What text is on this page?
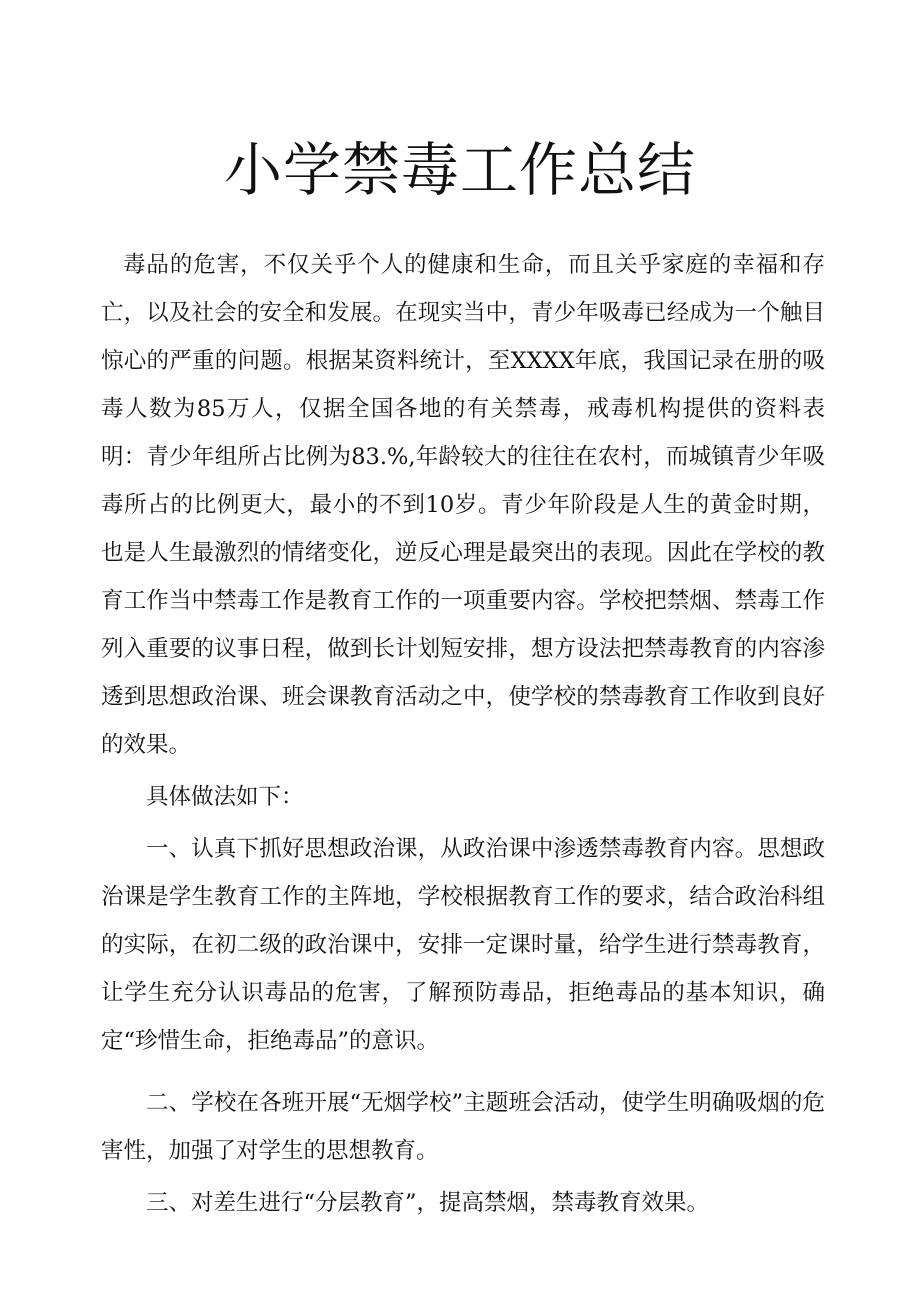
小学禁毒工作总结

毒品的危害，不仅关乎个人的健康和生命，而且关乎家庭的幸福和存亡，以及社会的安全和发展。在现实当中，青少年吸毒已经成为一个触目惊心的严重的问题。根据某资料统计，至XXXX年底，我国记录在册的吸毒人数为85万人，仅据全国各地的有关禁毒，戒毒机构提供的资料表明：青少年组所占比例为83.%,年龄较大的往往在农村，而城镇青少年吸毒所占的比例更大，最小的不到10岁。青少年阶段是人生的黄金时期，也是人生最激烈的情绪变化，逆反心理是最突出的表现。因此在学校的教育工作当中禁毒工作是教育工作的一项重要内容。学校把禁烟、禁毒工作列入重要的议事日程，做到长计划短安排，想方设法把禁毒教育的内容渗透到思想政治课、班会课教育活动之中，使学校的禁毒教育工作收到良好的效果。

具体做法如下：

一、认真下抓好思想政治课，从政治课中渗透禁毒教育内容。思想政治课是学生教育工作的主阵地，学校根据教育工作的要求，结合政治科组的实际，在初二级的政治课中，安排一定课时量，给学生进行禁毒教育，让学生充分认识毒品的危害，了解预防毒品，拒绝毒品的基本知识，确定“珍惜生命，拒绝毒品”的意识。

二、学校在各班开展“无烟学校”主题班会活动，使学生明确吸烟的危害性，加强了对学生的思想教育。

三、对差生进行“分层教育”，提高禁烟，禁毒教育效果。
